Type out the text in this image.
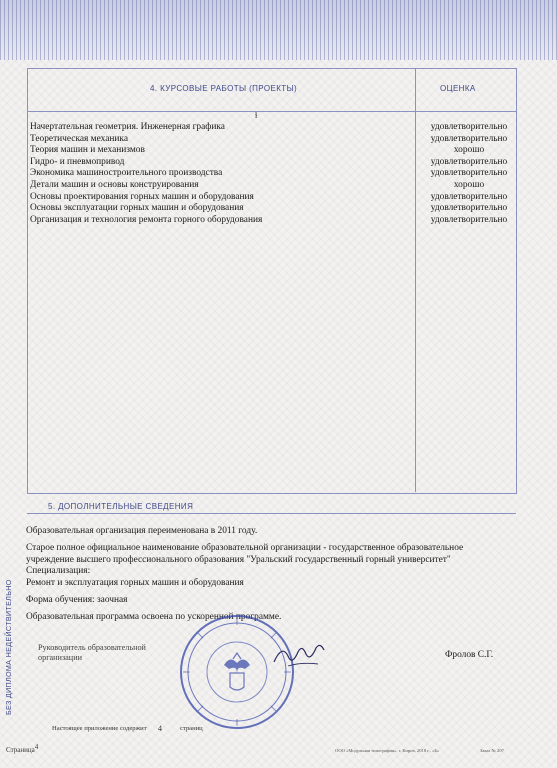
4. КУРСОВЫЕ РАБОТЫ (ПРОЕКТЫ)	ОЦЕНКА
ɫ
Начертательная геометрия. Инженерная графика	удовлетворительно
Теоретическая механика	удовлетворительно
Теория машин и механизмов	хорошо
Гидро- и пневмопривод	удовлетворительно
Экономика машиностроительного производства	удовлетворительно
Детали машин и основы конструирования	хорошо
Основы проектирования горных машин и оборудования	удовлетворительно
Основы эксплуатации горных машин и оборудования	удовлетворительно
Организация и технология ремонта горного оборудования	удовлетворительно
5. ДОПОЛНИТЕЛЬНЫЕ СВЕДЕНИЯ
Образовательная организация переименована в 2011 году.
Старое полное официальное наименование образовательной организации - государственное образовательное
учреждение высшего профессионального образования "Уральский государственный горный университет"
Специализация:
Ремонт и эксплуатация горных машин и оборудования
Форма обучения: заочная
Образовательная программа освоена по ускоренной программе.
Руководитель образовательной
организации	Фролов С.Г.
БЕЗ ДИПЛОМА НЕДЕЙСТВИТЕЛЬНО
Настоящее приложение содержит 4	страниц
Страница4	ООО «Модульная типография», г. Киров, 2018 г., «Б»	Заказ № 207
